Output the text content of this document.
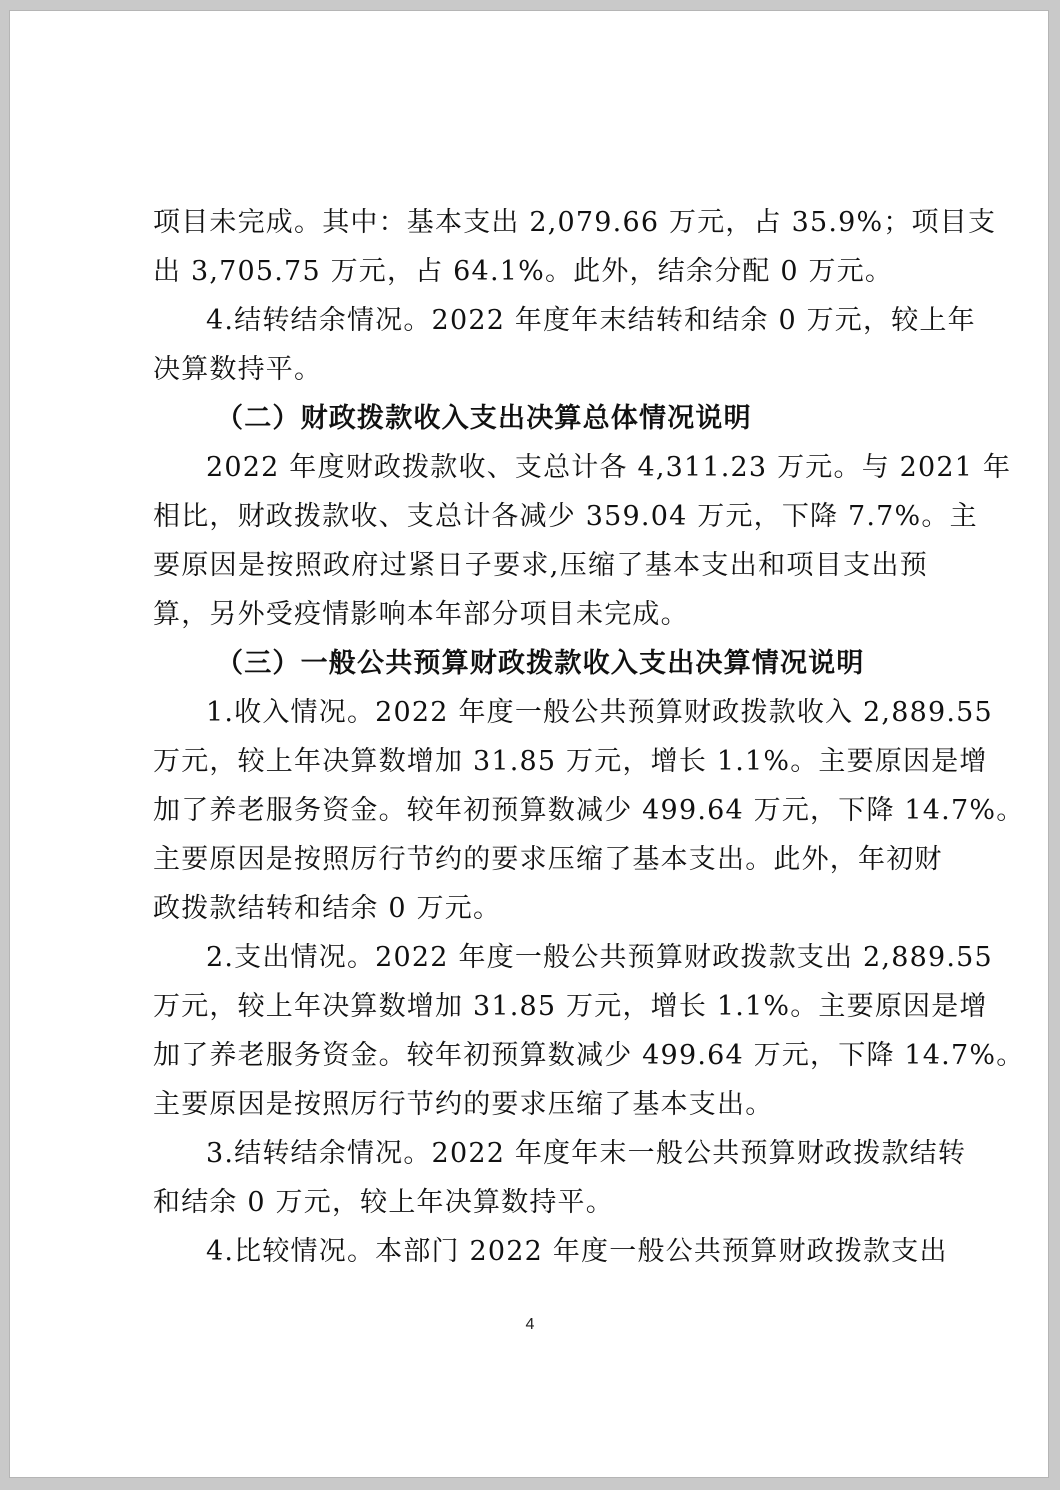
项目未完成。其中：基本支出 2,079.66 万元，占 35.9%；项目支
出 3,705.75 万元，占 64.1%。此外，结余分配 0 万元。
4.结转结余情况。2022 年度年末结转和结余 0 万元，较上年
决算数持平。
（二）财政拨款收入支出决算总体情况说明
2022 年度财政拨款收、支总计各 4,311.23 万元。与 2021 年
相比，财政拨款收、支总计各减少 359.04 万元，下降 7.7%。主
要原因是按照政府过紧日子要求,压缩了基本支出和项目支出预
算，另外受疫情影响本年部分项目未完成。
（三）一般公共预算财政拨款收入支出决算情况说明
1.收入情况。2022 年度一般公共预算财政拨款收入 2,889.55
万元，较上年决算数增加 31.85 万元，增长 1.1%。主要原因是增
加了养老服务资金。较年初预算数减少 499.64 万元，下降 14.7%。
主要原因是按照厉行节约的要求压缩了基本支出。此外，年初财
政拨款结转和结余 0 万元。
2.支出情况。2022 年度一般公共预算财政拨款支出 2,889.55
万元，较上年决算数增加 31.85 万元，增长 1.1%。主要原因是增
加了养老服务资金。较年初预算数减少 499.64 万元，下降 14.7%。
主要原因是按照厉行节约的要求压缩了基本支出。
3.结转结余情况。2022 年度年末一般公共预算财政拨款结转
和结余 0 万元，较上年决算数持平。
4.比较情况。本部门 2022 年度一般公共预算财政拨款支出
4
